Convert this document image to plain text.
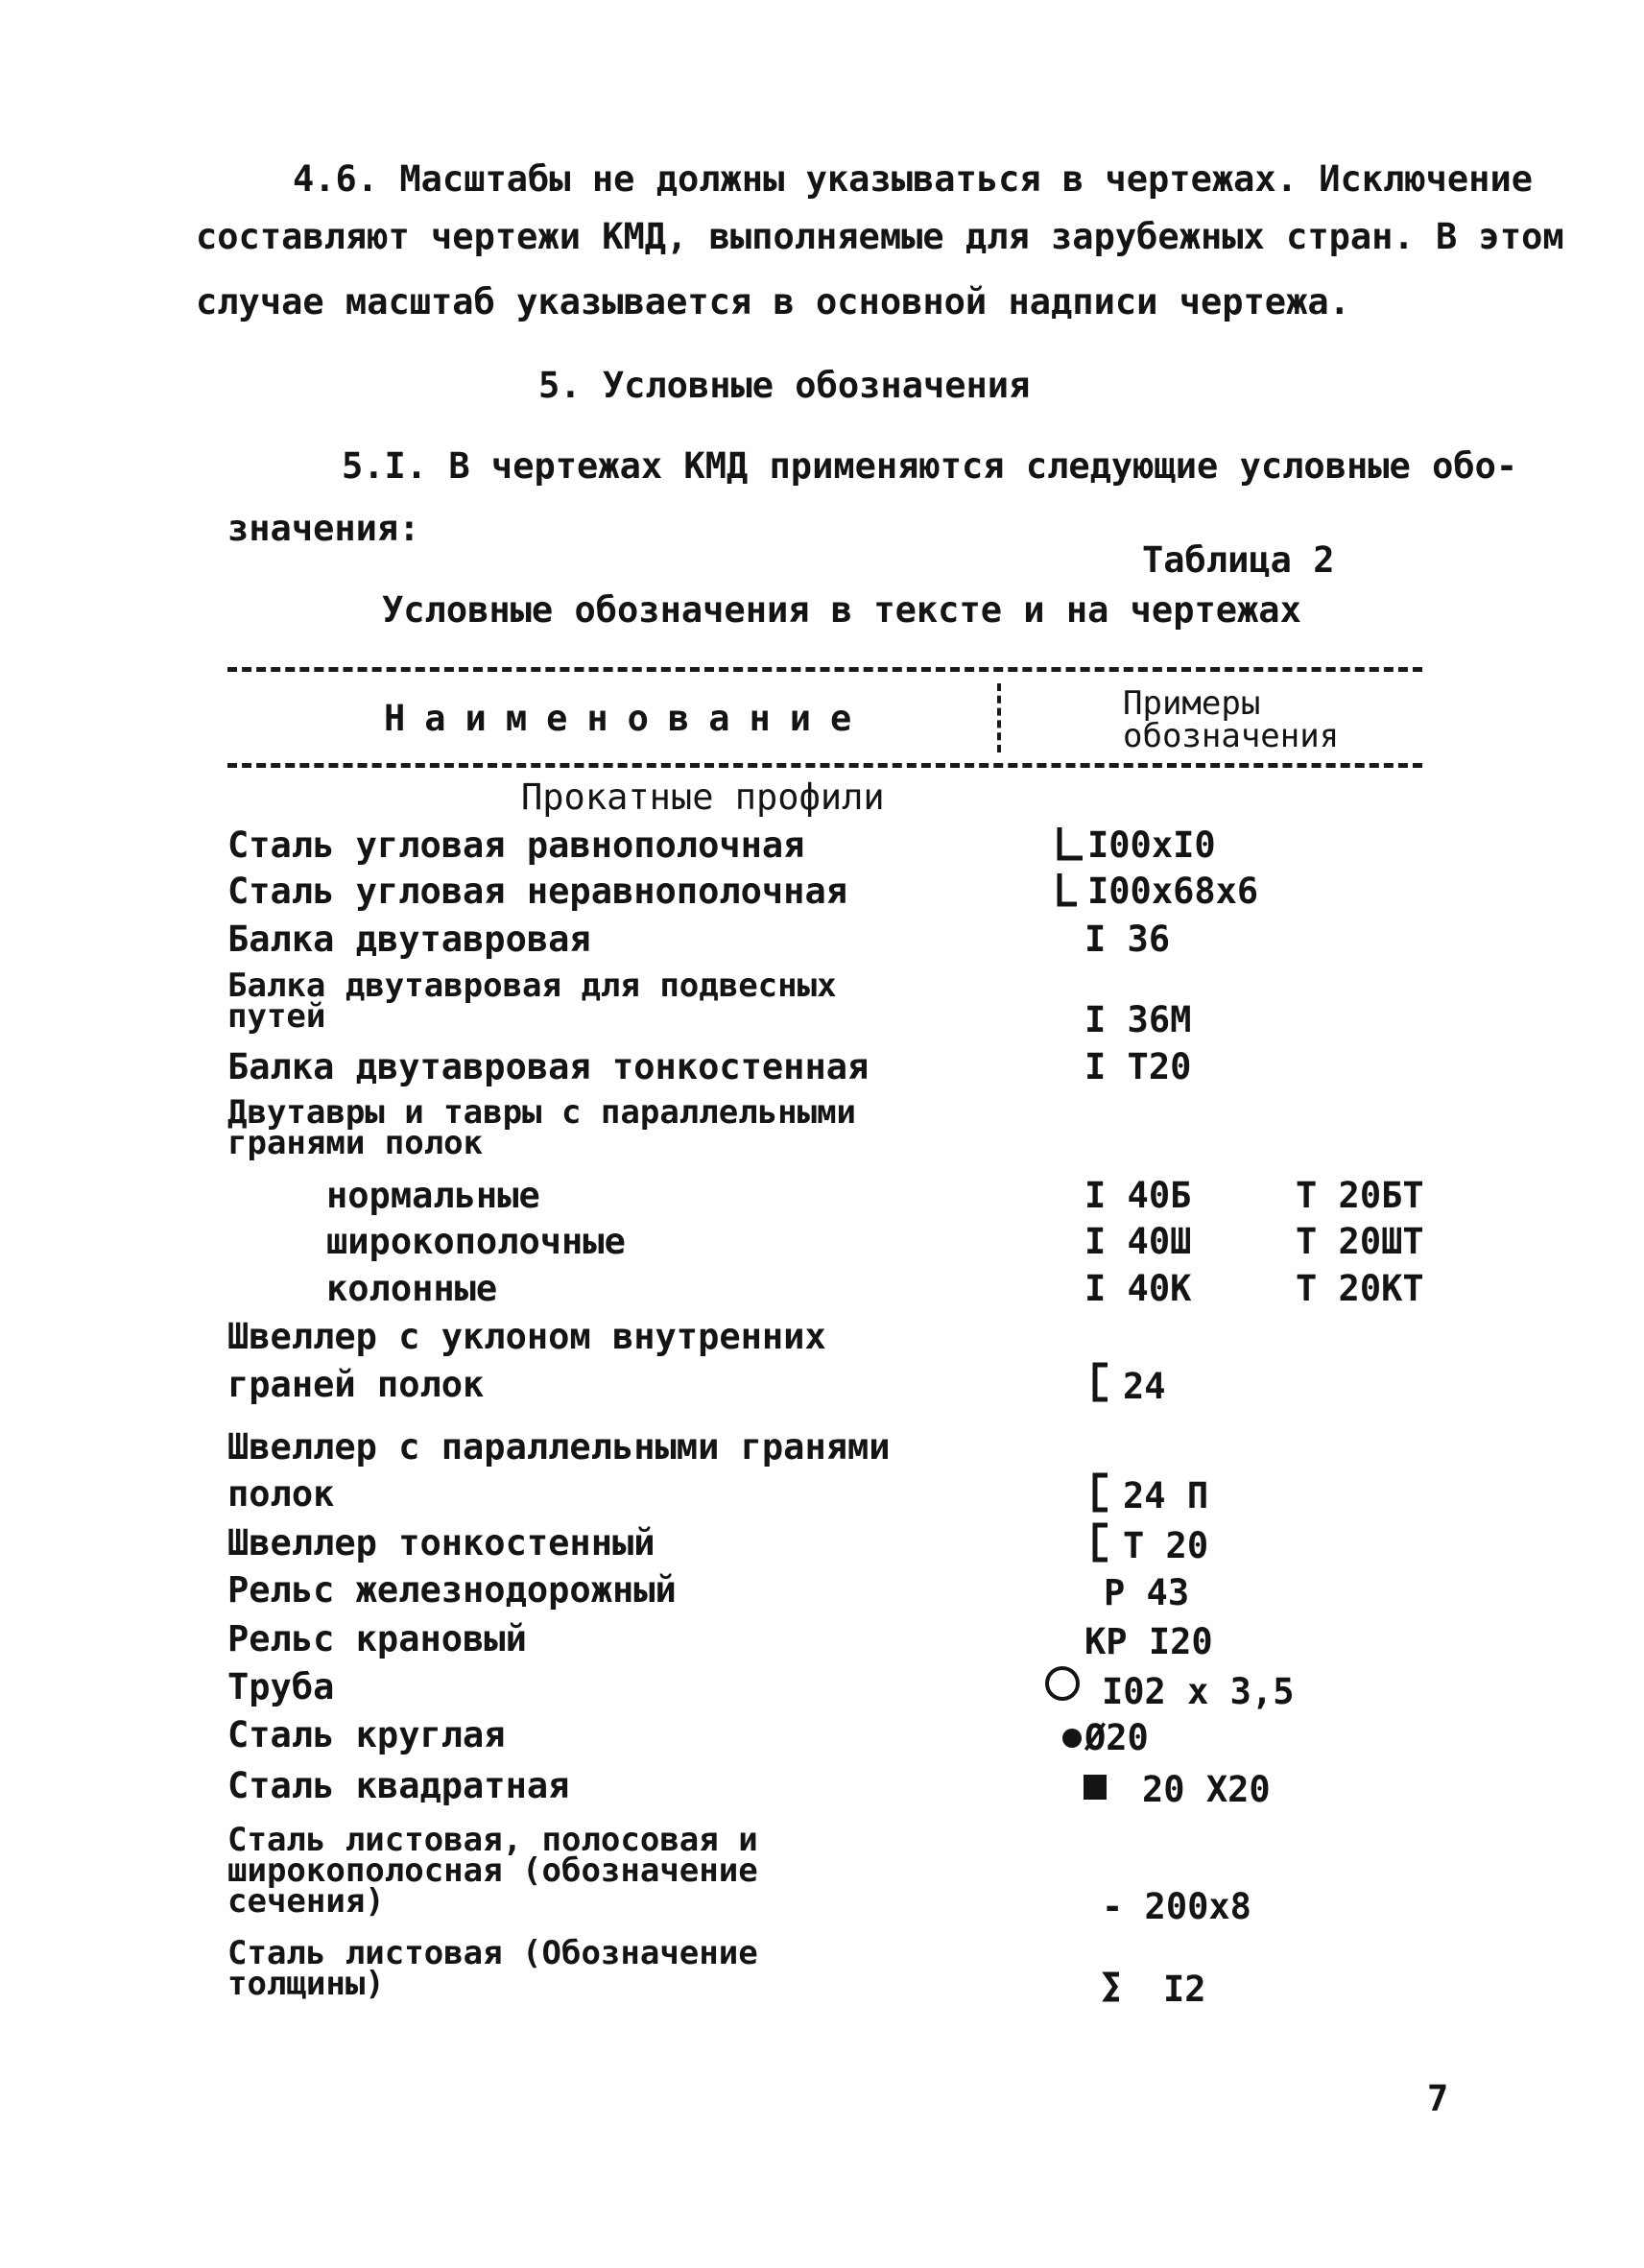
4.6. Масштабы не должны указываться в чертежах. Исключение
составляют чертежи КМД, выполняемые для зарубежных стран. В этом
случае масштаб указывается в основной надписи чертежа.
5. Условные обозначения
5.I. В чертежах КМД применяются следующие условные обо-
значения:
Таблица 2
Условные обозначения в тексте и на чертежах
Наименование	Примеры
обозначения
Прокатные профили
Сталь угловая равнополочная	I00xI0
Сталь угловая неравнополочная	I00x68x6
Балка двутавровая	I 36
Балка двутавровая для подвесных
путей	I 36M
Балка двутавровая тонкостенная	I T20
Двутавры и тавры с параллельными
гранями полок
нормальные	I 40Б	T 20БТ
широкополочные	I 40Ш	T 20ШТ
колонные	I 40К	T 20КТ
Швеллер с уклоном внутренних
граней полок	24
Швеллер с параллельными гранями
полок	24 П
Швеллер тонкостенный	T 20
Рельс железнодорожный	Р 43
Рельс крановый	КР I20
Труба	I02 x 3,5
Сталь круглая	Ø20
Сталь квадратная	20 X20
Сталь листовая, полосовая и
широкополосная (обозначение
сечения)	- 200x8
Сталь листовая (Обозначение
толщины)	I2
7
